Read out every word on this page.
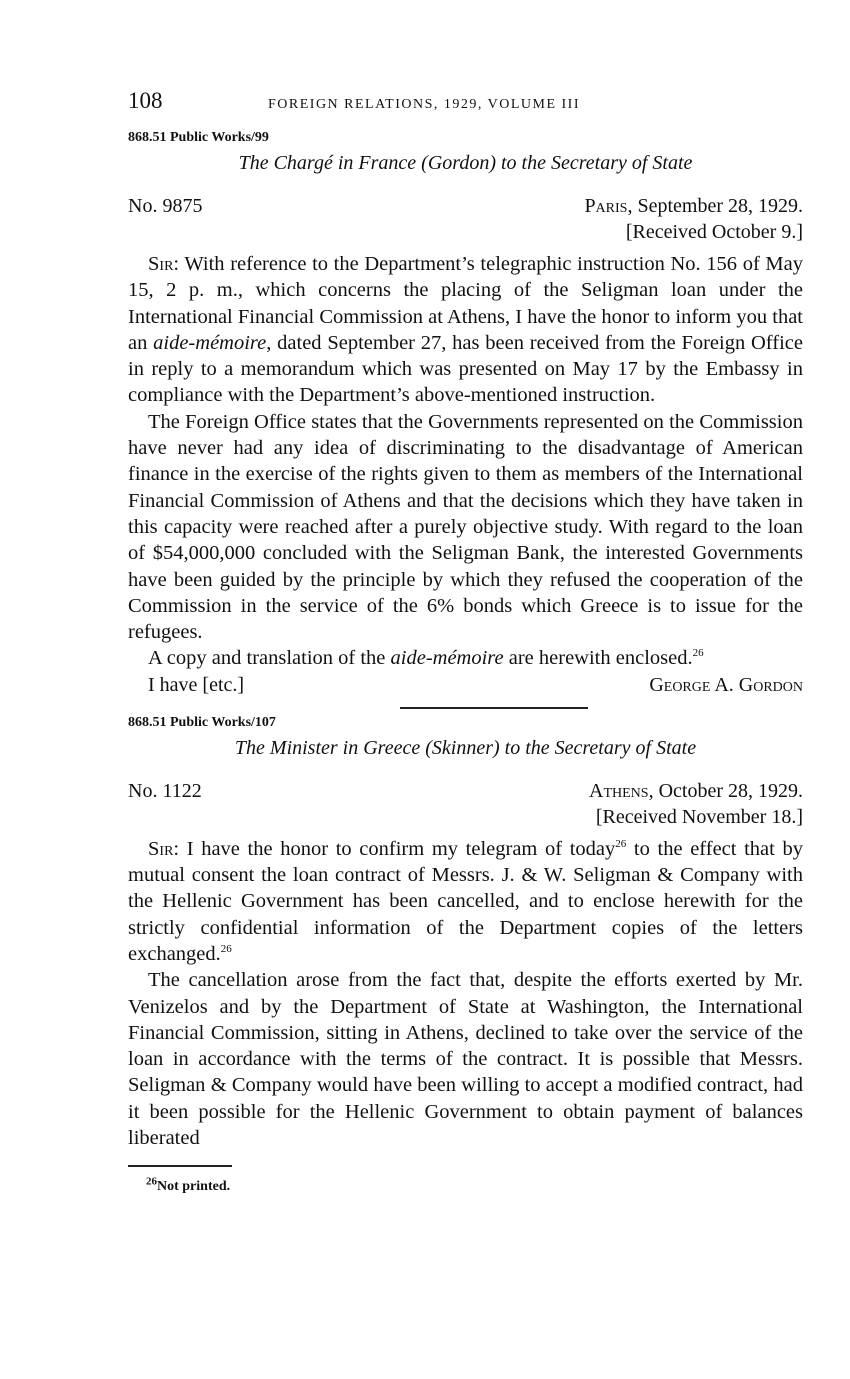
108	FOREIGN RELATIONS, 1929, VOLUME III
868.51 Public Works/99
The Chargé in France (Gordon) to the Secretary of State
No. 9875	Paris, September 28, 1929.
[Received October 9.]

Sir: With reference to the Department’s telegraphic instruction No. 156 of May 15, 2 p. m., which concerns the placing of the Seligman loan under the International Financial Commission at Athens, I have the honor to inform you that an aide-mémoire, dated September 27, has been received from the Foreign Office in reply to a memorandum which was presented on May 17 by the Embassy in compliance with the Department’s above-mentioned instruction.

The Foreign Office states that the Governments represented on the Commission have never had any idea of discriminating to the disadvantage of American finance in the exercise of the rights given to them as members of the International Financial Commission of Athens and that the decisions which they have taken in this capacity were reached after a purely objective study. With regard to the loan of $54,000,000 concluded with the Seligman Bank, the interested Governments have been guided by the principle by which they refused the cooperation of the Commission in the service of the 6% bonds which Greece is to issue for the refugees.

A copy and translation of the aide-mémoire are herewith enclosed.$^{26}$

I have [etc.]	George A. Gordon
868.51 Public Works/107
The Minister in Greece (Skinner) to the Secretary of State
No. 1122	Athens, October 28, 1929.
[Received November 18.]

Sir: I have the honor to confirm my telegram of today$^{26}$ to the effect that by mutual consent the loan contract of Messrs. J. & W. Seligman & Company with the Hellenic Government has been cancelled, and to enclose herewith for the strictly confidential information of the Department copies of the letters exchanged.$^{26}$

The cancellation arose from the fact that, despite the efforts exerted by Mr. Venizelos and by the Department of State at Washington, the International Financial Commission, sitting in Athens, declined to take over the service of the loan in accordance with the terms of the contract. It is possible that Messrs. Seligman & Company would have been willing to accept a modified contract, had it been possible for the Hellenic Government to obtain payment of balances liberated

$^{26}$Not printed.
